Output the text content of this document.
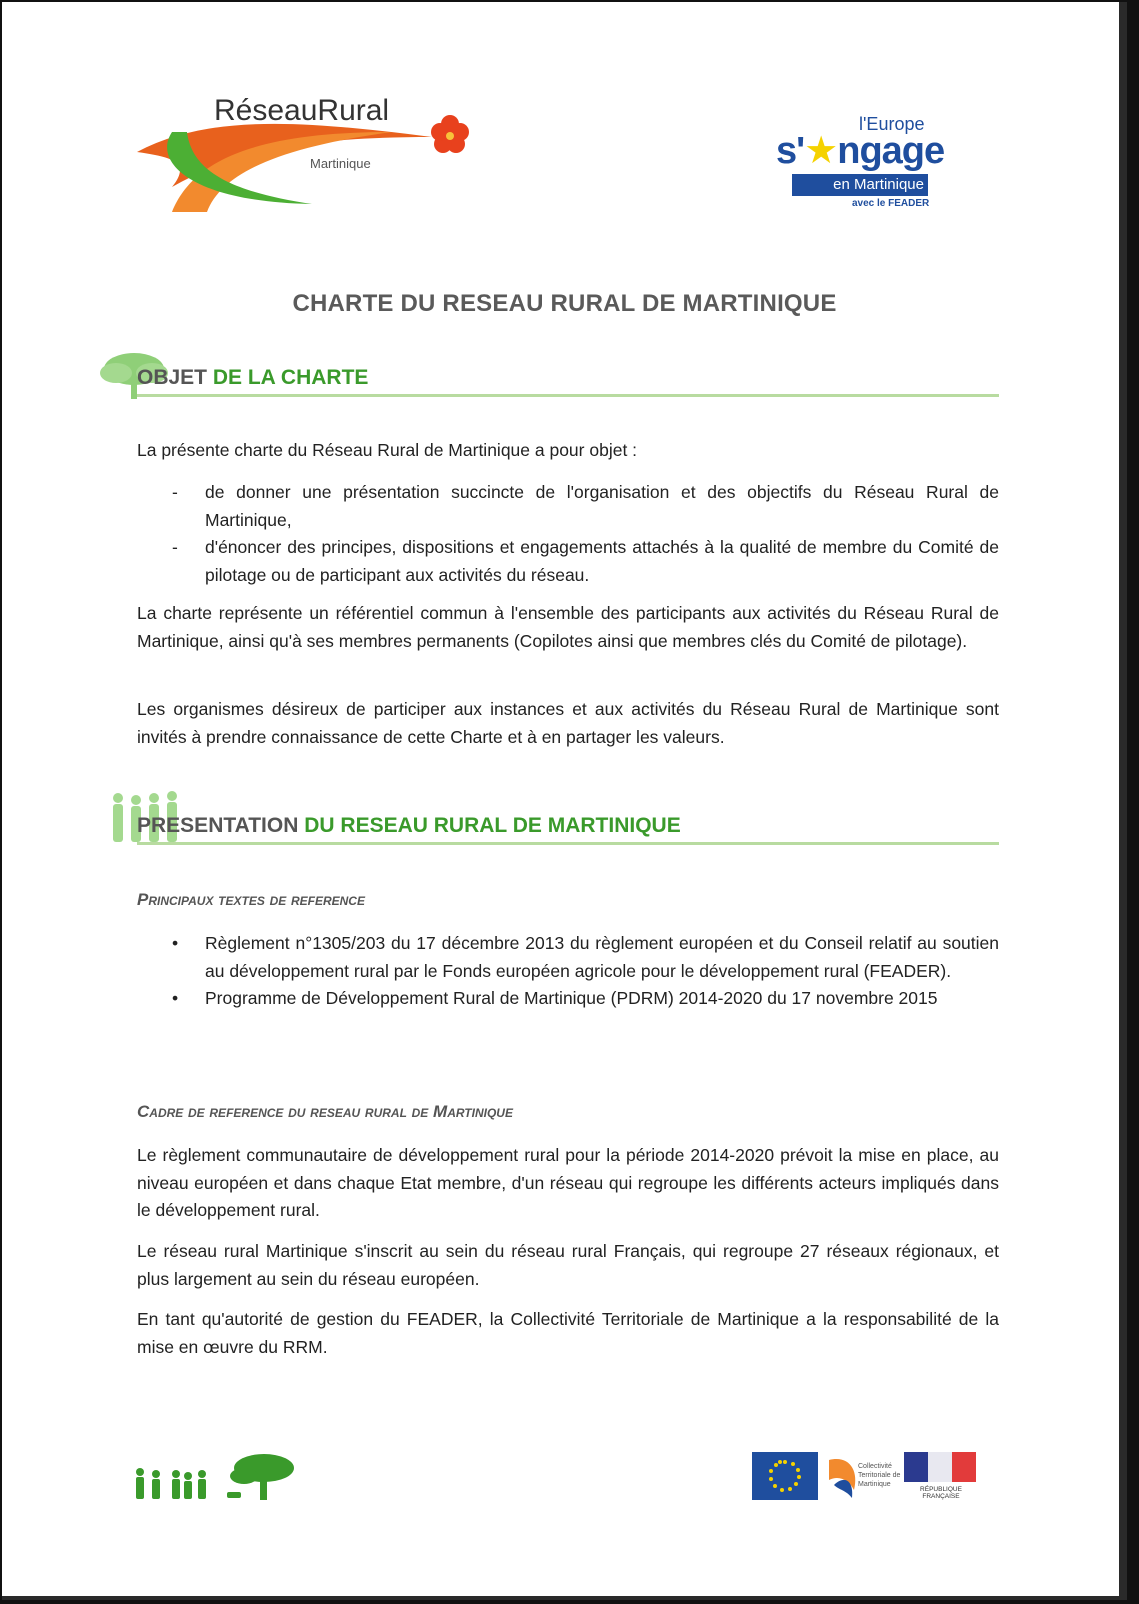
RéseauRural
Martinique
l'Europe
s'★ngage
en Martinique
avec le FEADER
CHARTE DU RESEAU RURAL DE MARTINIQUE
OBJET DE LA CHARTE
La présente charte du Réseau Rural de Martinique a pour objet :
- de donner une présentation succincte de l'organisation et des objectifs du Réseau Rural de Martinique,
- d'énoncer des principes, dispositions et engagements attachés à la qualité de membre du Comité de pilotage ou de participant aux activités du réseau.
La charte représente un référentiel commun à l'ensemble des participants aux activités du Réseau Rural de Martinique, ainsi qu'à ses membres permanents (Copilotes ainsi que membres clés du Comité de pilotage).
Les organismes désireux de participer aux instances et aux activités du Réseau Rural de Martinique sont invités à prendre connaissance de cette Charte et à en partager les valeurs.
PRESENTATION DU RESEAU RURAL DE MARTINIQUE
Principaux textes de reference
• Règlement n°1305/203 du 17 décembre 2013 du règlement européen et du Conseil relatif au soutien au développement rural par le Fonds européen agricole pour le développement rural (FEADER).
• Programme de Développement Rural de Martinique (PDRM) 2014-2020 du 17 novembre 2015
Cadre de reference du reseau rural de Martinique
Le règlement communautaire de développement rural pour la période 2014-2020 prévoit la mise en place, au niveau européen et dans chaque Etat membre, d'un réseau qui regroupe les différents acteurs impliqués dans le développement rural.
Le réseau rural Martinique s'inscrit au sein du réseau rural Français, qui regroupe 27 réseaux régionaux, et plus largement au sein du réseau européen.
En tant qu'autorité de gestion du FEADER, la Collectivité Territoriale de Martinique a la responsabilité de la mise en œuvre du RRM.
Collectivité Territoriale de Martinique
RÉPUBLIQUE FRANÇAISE
